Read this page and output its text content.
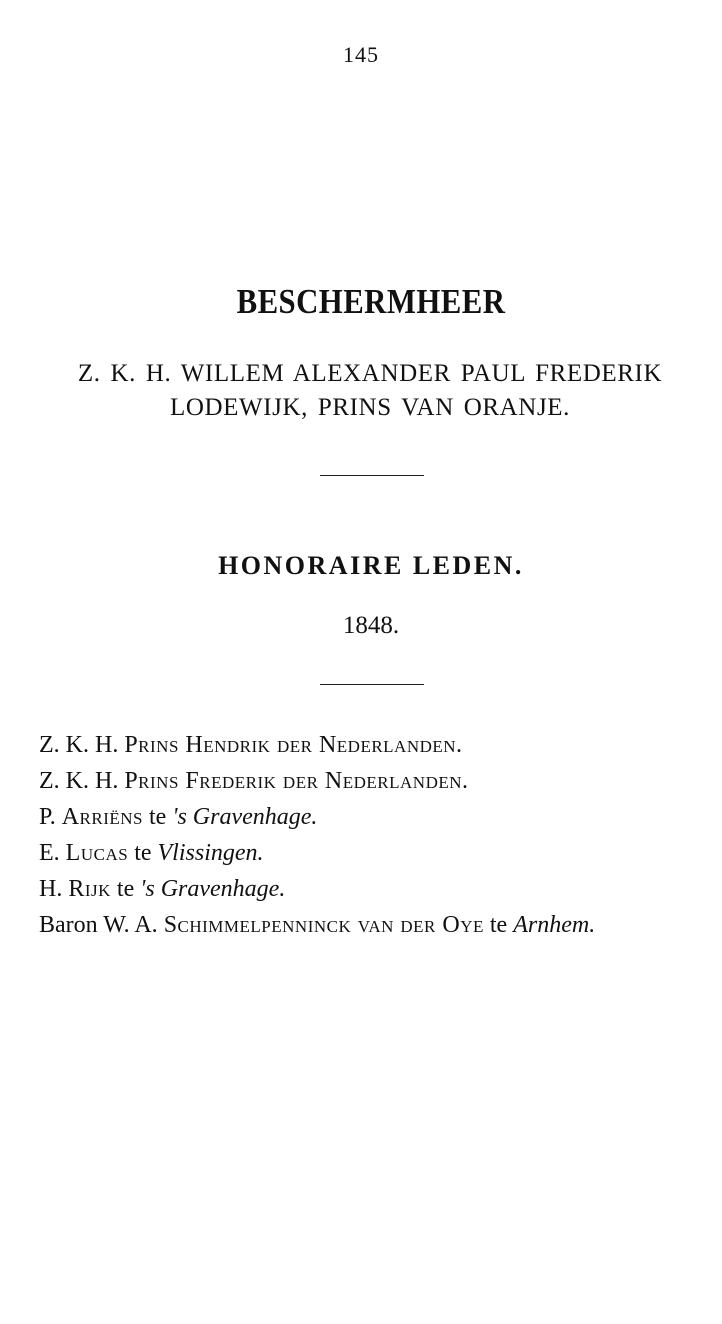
145
BESCHERMHEER
Z. K. H. WILLEM ALEXANDER PAUL FREDERIK
LODEWIJK, PRINS VAN ORANJE.
HONORAIRE LEDEN.
1848.
Z. K. H. Prins Hendrik der Nederlanden.
Z. K. H. Prins Frederik der Nederlanden.
P. Arriëns te 's Gravenhage.
E. Lucas te Vlissingen.
H. Rijk te 's Gravenhage.
Baron W. A. Schimmelpenninck van der Oye te Arnhem.
